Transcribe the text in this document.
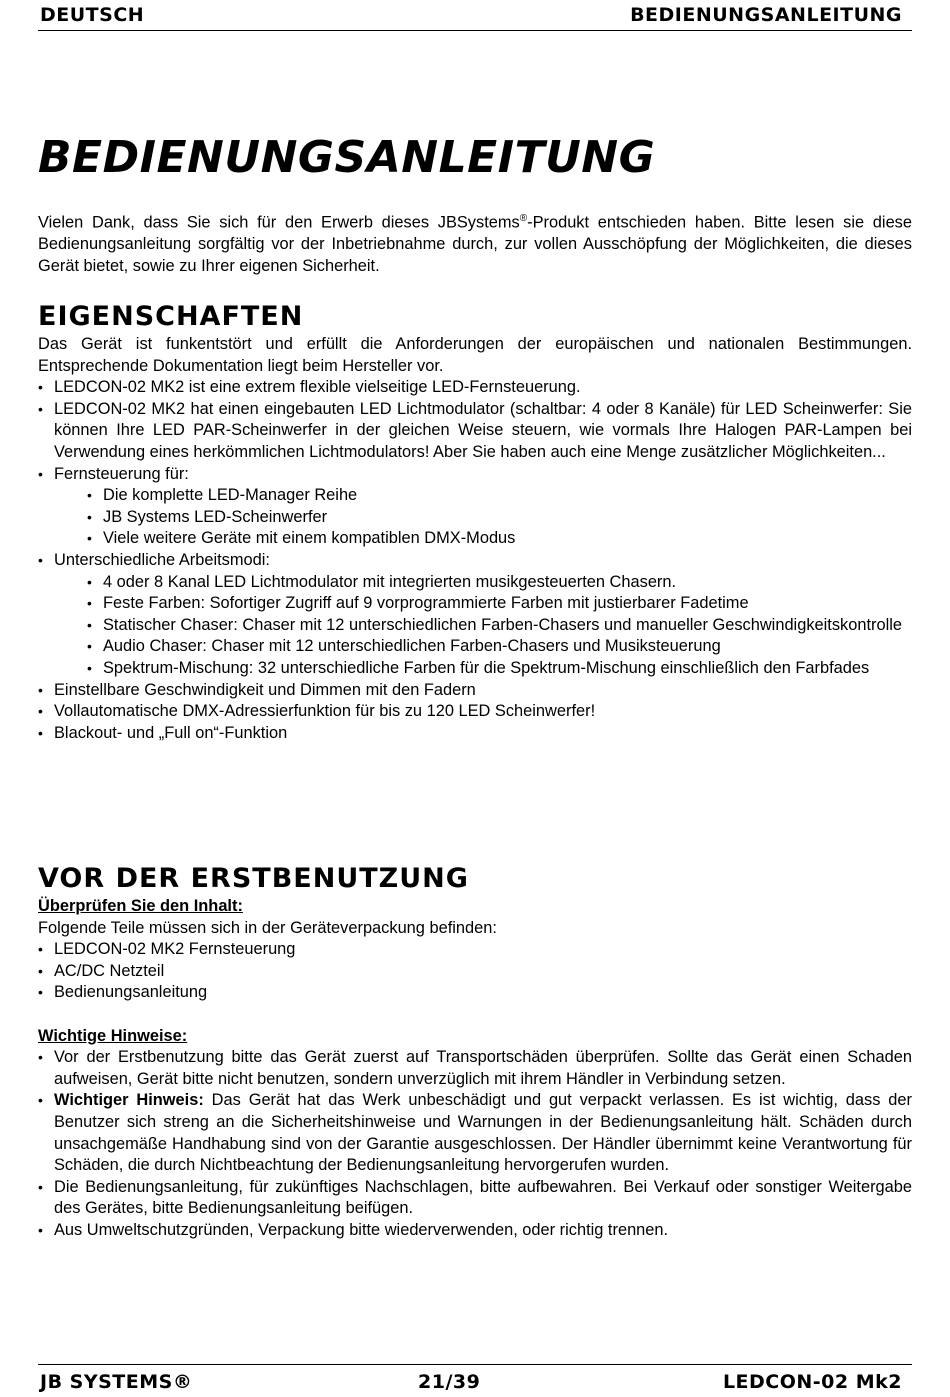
DEUTSCH	BEDIENUNGSANLEITUNG
BEDIENUNGSANLEITUNG

Vielen Dank, dass Sie sich für den Erwerb dieses JBSystems®-Produkt entschieden haben. Bitte lesen sie diese Bedienungsanleitung sorgfältig vor der Inbetriebnahme durch, zur vollen Ausschöpfung der Möglichkeiten, die dieses Gerät bietet, sowie zu Ihrer eigenen Sicherheit.

EIGENSCHAFTEN

Das Gerät ist funkentstört und erfüllt die Anforderungen der europäischen und nationalen Bestimmungen. Entsprechende Dokumentation liegt beim Hersteller vor.

• LEDCON-02 MK2 ist eine extrem flexible vielseitige LED-Fernsteuerung.
• LEDCON-02 MK2 hat einen eingebauten LED Lichtmodulator (schaltbar: 4 oder 8 Kanäle) für LED Scheinwerfer: Sie können Ihre LED PAR-Scheinwerfer in der gleichen Weise steuern, wie vormals Ihre Halogen PAR-Lampen bei Verwendung eines herkömmlichen Lichtmodulators! Aber Sie haben auch eine Menge zusätzlicher Möglichkeiten...
• Fernsteuerung für:
• Die komplette LED-Manager Reihe
• JB Systems LED-Scheinwerfer
• Viele weitere Geräte mit einem kompatiblen DMX-Modus
• Unterschiedliche Arbeitsmodi:
• 4 oder 8 Kanal LED Lichtmodulator mit integrierten musikgesteuerten Chasern.
• Feste Farben: Sofortiger Zugriff auf 9 vorprogrammierte Farben mit justierbarer Fadetime
• Statischer Chaser: Chaser mit 12 unterschiedlichen Farben-Chasers und manueller Geschwindigkeitskontrolle
• Audio Chaser: Chaser mit 12 unterschiedlichen Farben-Chasers und Musiksteuerung
• Spektrum-Mischung: 32 unterschiedliche Farben für die Spektrum-Mischung einschließlich den Farbfades
• Einstellbare Geschwindigkeit und Dimmen mit den Fadern
• Vollautomatische DMX-Adressierfunktion für bis zu 120 LED Scheinwerfer!
• Blackout- und „Full on“-Funktion
VOR DER ERSTBENUTZUNG
Überprüfen Sie den Inhalt:

Folgende Teile müssen sich in der Geräteverpackung befinden:

• LEDCON-02 MK2 Fernsteuerung
• AC/DC Netzteil
• Bedienungsanleitung
Wichtige Hinweise:
• Vor der Erstbenutzung bitte das Gerät zuerst auf Transportschäden überprüfen. Sollte das Gerät einen Schaden aufweisen, Gerät bitte nicht benutzen, sondern unverzüglich mit ihrem Händler in Verbindung setzen.
• Wichtiger Hinweis: Das Gerät hat das Werk unbeschädigt und gut verpackt verlassen. Es ist wichtig, dass der Benutzer sich streng an die Sicherheitshinweise und Warnungen in der Bedienungsanleitung hält. Schäden durch unsachgemäße Handhabung sind von der Garantie ausgeschlossen. Der Händler übernimmt keine Verantwortung für Schäden, die durch Nichtbeachtung der Bedienungsanleitung hervorgerufen wurden.
• Die Bedienungsanleitung, für zukünftiges Nachschlagen, bitte aufbewahren. Bei Verkauf oder sonstiger Weitergabe des Gerätes, bitte Bedienungsanleitung beifügen.
• Aus Umweltschutzgründen, Verpackung bitte wiederverwenden, oder richtig trennen.
JB SYSTEMS®	21/39	LEDCON-02 Mk2
